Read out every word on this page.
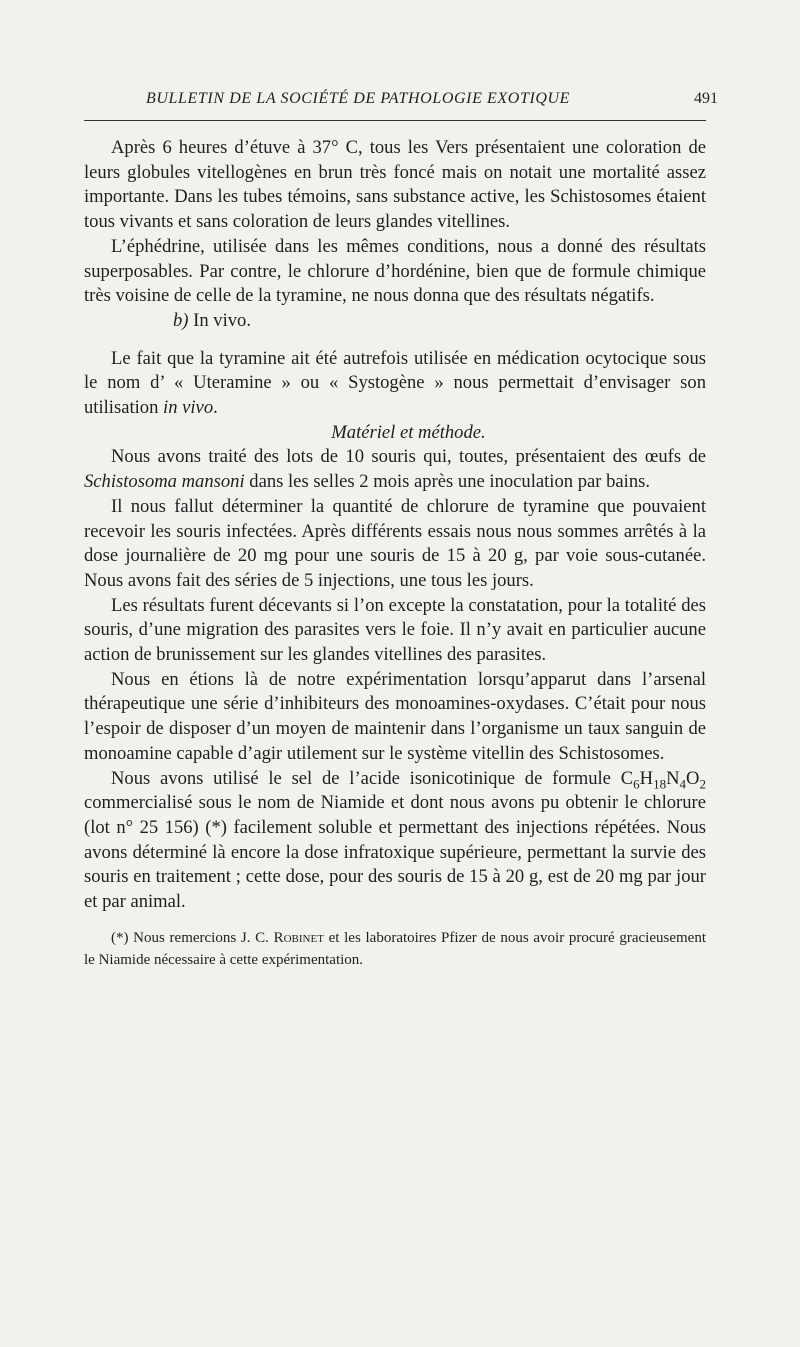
BULLETIN DE LA SOCIÉTÉ DE PATHOLOGIE EXOTIQUE	491

Après 6 heures d’étuve à 37° C, tous les Vers présentaient une coloration de leurs globules vitellogènes en brun très foncé mais on notait une mortalité assez importante. Dans les tubes témoins, sans substance active, les Schistosomes étaient tous vivants et sans coloration de leurs glandes vitellines.

L’éphédrine, utilisée dans les mêmes conditions, nous a donné des résultats superposables. Par contre, le chlorure d’hordénine, bien que de formule chimique très voisine de celle de la tyramine, ne nous donna que des résultats négatifs.

b) In vivo.

Le fait que la tyramine ait été autrefois utilisée en médication ocytocique sous le nom d’ « Uteramine » ou « Systogène » nous permettait d’envisager son utilisation in vivo.

Matériel et méthode.

Nous avons traité des lots de 10 souris qui, toutes, présentaient des œufs de Schistosoma mansoni dans les selles 2 mois après une inoculation par bains.

Il nous fallut déterminer la quantité de chlorure de tyramine que pouvaient recevoir les souris infectées. Après différents essais nous nous sommes arrêtés à la dose journalière de 20 mg pour une souris de 15 à 20 g, par voie sous-cutanée. Nous avons fait des séries de 5 injections, une tous les jours.

Les résultats furent décevants si l’on excepte la constatation, pour la totalité des souris, d’une migration des parasites vers le foie. Il n’y avait en particulier aucune action de brunissement sur les glandes vitellines des parasites.

Nous en étions là de notre expérimentation lorsqu’apparut dans l’arsenal thérapeutique une série d’inhibiteurs des monoamines-oxydases. C’était pour nous l’espoir de disposer d’un moyen de maintenir dans l’organisme un taux sanguin de monoamine capable d’agir utilement sur le système vitellin des Schistosomes.

Nous avons utilisé le sel de l’acide isonicotinique de formule $C_6H_{18}N_4O_2$ commercialisé sous le nom de Niamide et dont nous avons pu obtenir le chlorure (lot n° 25 156) (*) facilement soluble et permettant des injections répétées. Nous avons déterminé là encore la dose infratoxique supérieure, permettant la survie des souris en traitement ; cette dose, pour des souris de 15 à 20 g, est de 20 mg par jour et par animal.

(*) Nous remercions J. C. Robinet et les laboratoires Pfizer de nous avoir procuré gracieusement le Niamide nécessaire à cette expérimentation.
